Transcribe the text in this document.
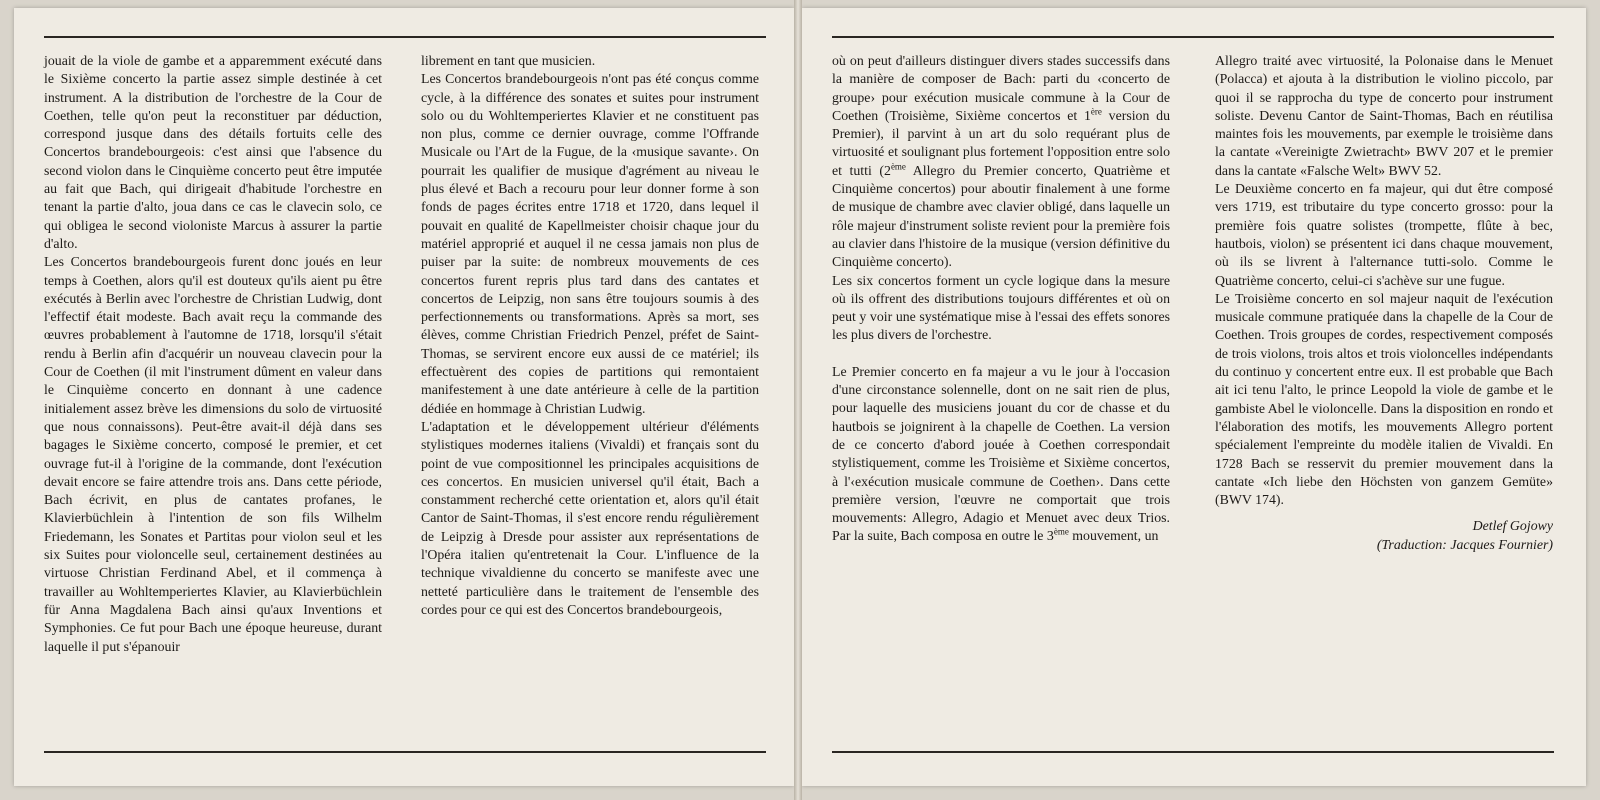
jouait de la viole de gambe et a apparemment exécuté dans le Sixième concerto la partie assez simple destinée à cet instrument. A la distribution de l'orchestre de la Cour de Coethen, telle qu'on peut la reconstituer par déduction, correspond jusque dans des détails fortuits celle des Concertos brandebourgeois: c'est ainsi que l'absence du second violon dans le Cinquième concerto peut être imputée au fait que Bach, qui dirigeait d'habitude l'orchestre en tenant la partie d'alto, joua dans ce cas le clavecin solo, ce qui obligea le second violoniste Marcus à assurer la partie d'alto.

Les Concertos brandebourgeois furent donc joués en leur temps à Coethen, alors qu'il est douteux qu'ils aient pu être exécutés à Berlin avec l'orchestre de Christian Ludwig, dont l'effectif était modeste. Bach avait reçu la commande des œuvres probablement à l'automne de 1718, lorsqu'il s'était rendu à Berlin afin d'acquérir un nouveau clavecin pour la Cour de Coethen (il mit l'instrument dûment en valeur dans le Cinquième concerto en donnant à une cadence initialement assez brève les dimensions du solo de virtuosité que nous connaissons). Peut-être avait-il déjà dans ses bagages le Sixième concerto, composé le premier, et cet ouvrage fut-il à l'origine de la commande, dont l'exécution devait encore se faire attendre trois ans. Dans cette période, Bach écrivit, en plus de cantates profanes, le Klavierbüchlein à l'intention de son fils Wilhelm Friedemann, les Sonates et Partitas pour violon seul et les six Suites pour violoncelle seul, certainement destinées au virtuose Christian Ferdinand Abel, et il commença à travailler au Wohltemperiertes Klavier, au Klavierbüchlein für Anna Magdalena Bach ainsi qu'aux Inventions et Symphonies. Ce fut pour Bach une époque heureuse, durant laquelle il put s'épanouir

librement en tant que musicien.

Les Concertos brandebourgeois n'ont pas été conçus comme cycle, à la différence des sonates et suites pour instrument solo ou du Wohltemperiertes Klavier et ne constituent pas non plus, comme ce dernier ouvrage, comme l'Offrande Musicale ou l'Art de la Fugue, de la ‹musique savante›. On pourrait les qualifier de musique d'agrément au niveau le plus élevé et Bach a recouru pour leur donner forme à son fonds de pages écrites entre 1718 et 1720, dans lequel il pouvait en qualité de Kapellmeister choisir chaque jour du matériel approprié et auquel il ne cessa jamais non plus de puiser par la suite: de nombreux mouvements de ces concertos furent repris plus tard dans des cantates et concertos de Leipzig, non sans être toujours soumis à des perfectionnements ou transformations. Après sa mort, ses élèves, comme Christian Friedrich Penzel, préfet de Saint-Thomas, se servirent encore eux aussi de ce matériel; ils effectuèrent des copies de partitions qui remontaient manifestement à une date antérieure à celle de la partition dédiée en hommage à Christian Ludwig.

L'adaptation et le développement ultérieur d'éléments stylistiques modernes italiens (Vivaldi) et français sont du point de vue compositionnel les principales acquisitions de ces concertos. En musicien universel qu'il était, Bach a constamment recherché cette orientation et, alors qu'il était Cantor de Saint-Thomas, il s'est encore rendu régulièrement de Leipzig à Dresde pour assister aux représentations de l'Opéra italien qu'entretenait la Cour. L'influence de la technique vivaldienne du concerto se manifeste avec une netteté particulière dans le traitement de l'ensemble des cordes pour ce qui est des Concertos brandebourgeois,

où on peut d'ailleurs distinguer divers stades successifs dans la manière de composer de Bach: parti du ‹concerto de groupe› pour exécution musicale commune à la Cour de Coethen (Troisième, Sixième concertos et 1ère version du Premier), il parvint à un art du solo requérant plus de virtuosité et soulignant plus fortement l'opposition entre solo et tutti (2ème Allegro du Premier concerto, Quatrième et Cinquième concertos) pour aboutir finalement à une forme de musique de chambre avec clavier obligé, dans laquelle un rôle majeur d'instrument soliste revient pour la première fois au clavier dans l'histoire de la musique (version définitive du Cinquième concerto).

Les six concertos forment un cycle logique dans la mesure où ils offrent des distributions toujours différentes et où on peut y voir une systématique mise à l'essai des effets sonores les plus divers de l'orchestre.

Le Premier concerto en fa majeur a vu le jour à l'occasion d'une circonstance solennelle, dont on ne sait rien de plus, pour laquelle des musiciens jouant du cor de chasse et du hautbois se joignirent à la chapelle de Coethen. La version de ce concerto d'abord jouée à Coethen correspondait stylistiquement, comme les Troisième et Sixième concertos, à l'‹exécution musicale commune de Coethen›. Dans cette première version, l'œuvre ne comportait que trois mouvements: Allegro, Adagio et Menuet avec deux Trios. Par la suite, Bach composa en outre le 3ème mouvement, un

Allegro traité avec virtuosité, la Polonaise dans le Menuet (Polacca) et ajouta à la distribution le violino piccolo, par quoi il se rapprocha du type de concerto pour instrument soliste. Devenu Cantor de Saint-Thomas, Bach en réutilisa maintes fois les mouvements, par exemple le troisième dans la cantate «Vereinigte Zwietracht» BWV 207 et le premier dans la cantate «Falsche Welt» BWV 52.

Le Deuxième concerto en fa majeur, qui dut être composé vers 1719, est tributaire du type concerto grosso: pour la première fois quatre solistes (trompette, flûte à bec, hautbois, violon) se présentent ici dans chaque mouvement, où ils se livrent à l'alternance tutti-solo. Comme le Quatrième concerto, celui-ci s'achève sur une fugue.

Le Troisième concerto en sol majeur naquit de l'exécution musicale commune pratiquée dans la chapelle de la Cour de Coethen. Trois groupes de cordes, respectivement composés de trois violons, trois altos et trois violoncelles indépendants du continuo y concertent entre eux. Il est probable que Bach ait ici tenu l'alto, le prince Leopold la viole de gambe et le gambiste Abel le violoncelle. Dans la disposition en rondo et l'élaboration des motifs, les mouvements Allegro portent spécialement l'empreinte du modèle italien de Vivaldi. En 1728 Bach se resservit du premier mouvement dans la cantate «Ich liebe den Höchsten von ganzem Gemüte» (BWV 174).

Detlef Gojowy

(Traduction: Jacques Fournier)
